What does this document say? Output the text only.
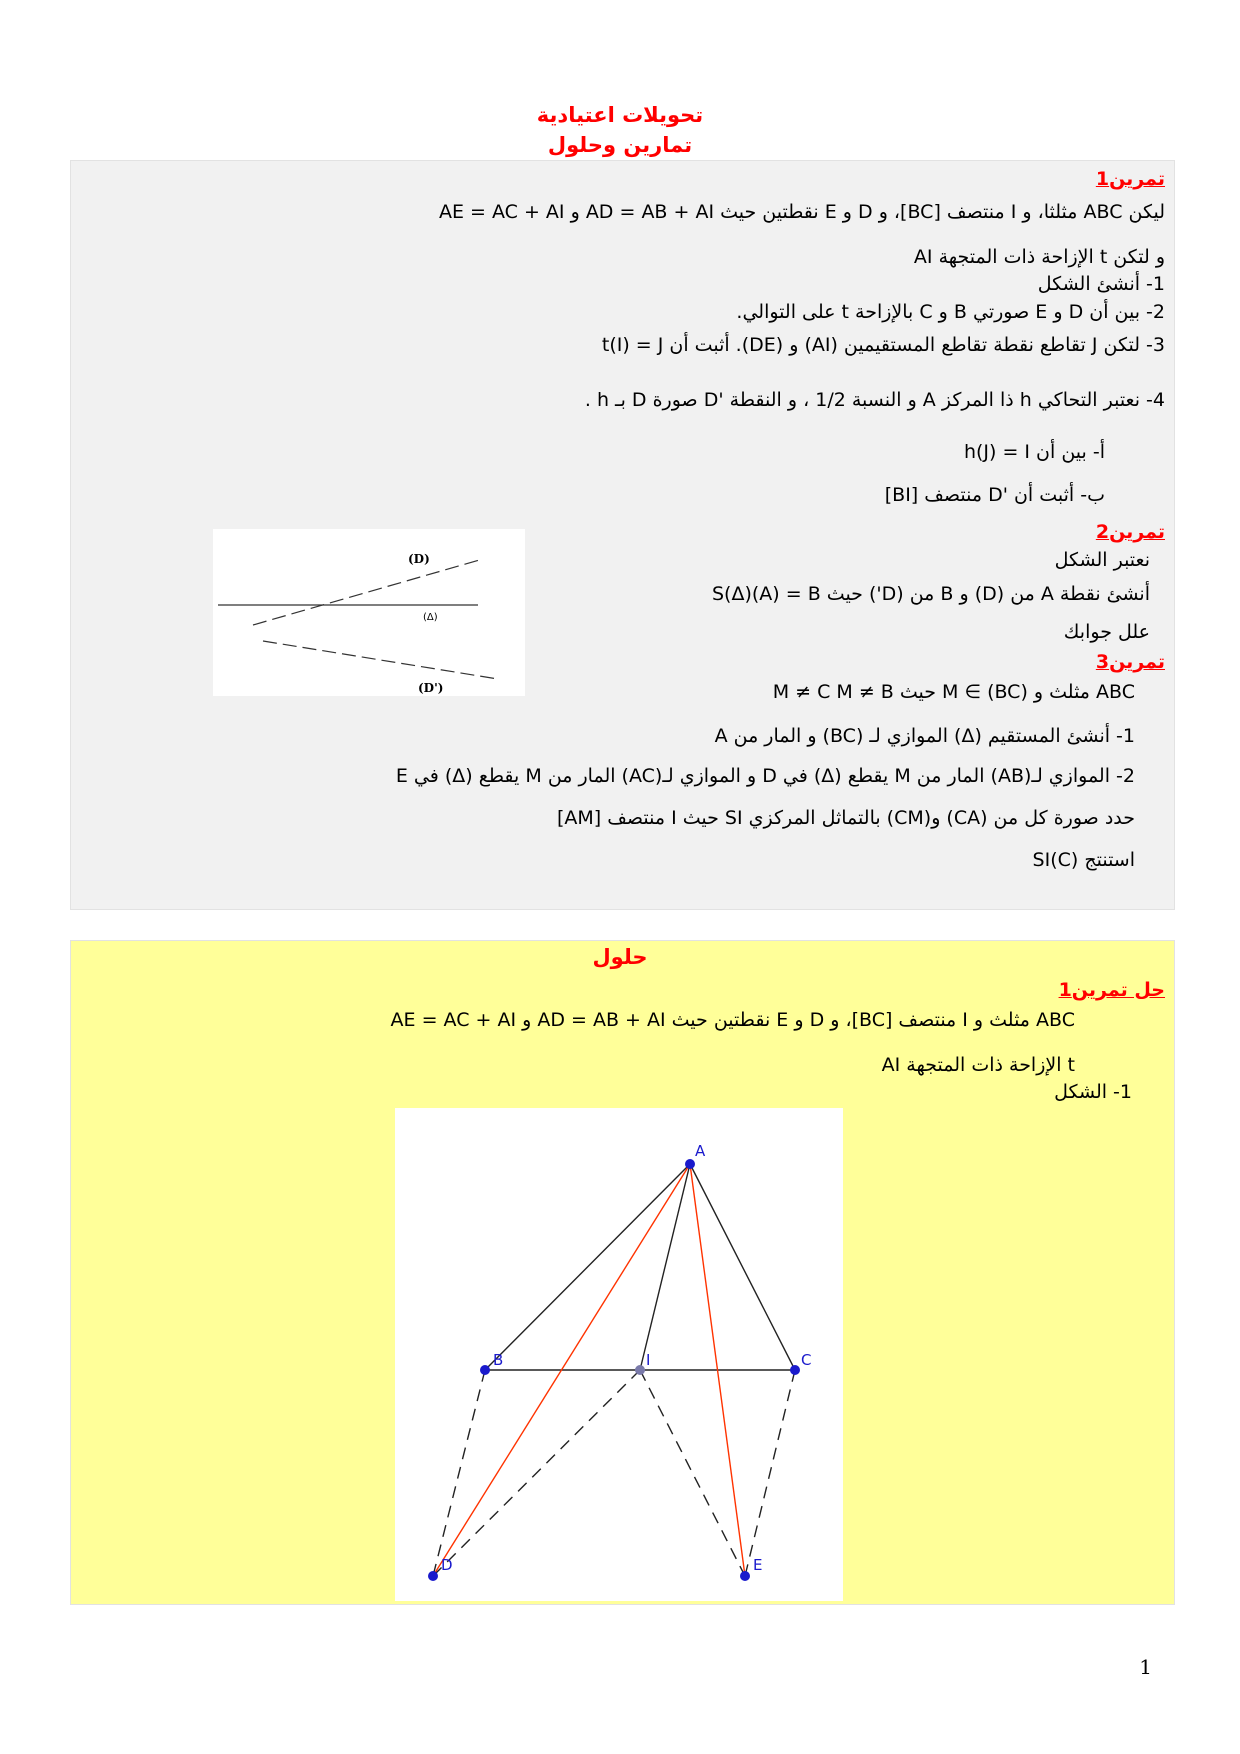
تحويلات اعتيادية
تمارين وحلول
تمرين1
ليكن ABC مثلثا، و I منتصف [BC]، و D و E نقطتين حيث AD = AB + AI و AE = AC + AI
و لتكن t الإزاحة ذات المتجهة AI
1- أنشئ الشكل
2- بين أن D و E صورتي B و C بالإزاحة t على التوالي.
3- لتكن J تقاطع نقطة تقاطع المستقيمين (AI) و (DE). أثبت أن t(I) = J
4- نعتبر التحاكي h ذا المركز A و النسبة 1/2 ، و النقطة 'D صورة D بـ h .
أ- بين أن h(J) = I
ب- أثبت أن 'D منتصف [BI]
تمرين2
نعتبر الشكل
أنشئ نقطة A من (D) و B من (D') حيث S(Δ)(A) = B
علل جوابك
(D)
(Δ)
(D')
تمرين3
ABC مثلث و M ∈ (BC) حيث M ≠ C M ≠ B
1- أنشئ المستقيم (Δ) الموازي لـ (BC) و المار من A
2- الموازي لـ(AB) المار من M يقطع (Δ) في D و الموازي لـ(AC) المار من M يقطع (Δ) في E
حدد صورة كل من (CA) و(CM) بالتماثل المركزي SI حيث I منتصف [AM]
استنتج SI(C)
حلول
حل تمرين1
ABC مثلث و I منتصف [BC]، و D و E نقطتين حيث AD = AB + AI و AE = AC + AI
t الإزاحة ذات المتجهة AI
1- الشكل
A
B	I	C
D	E
1
